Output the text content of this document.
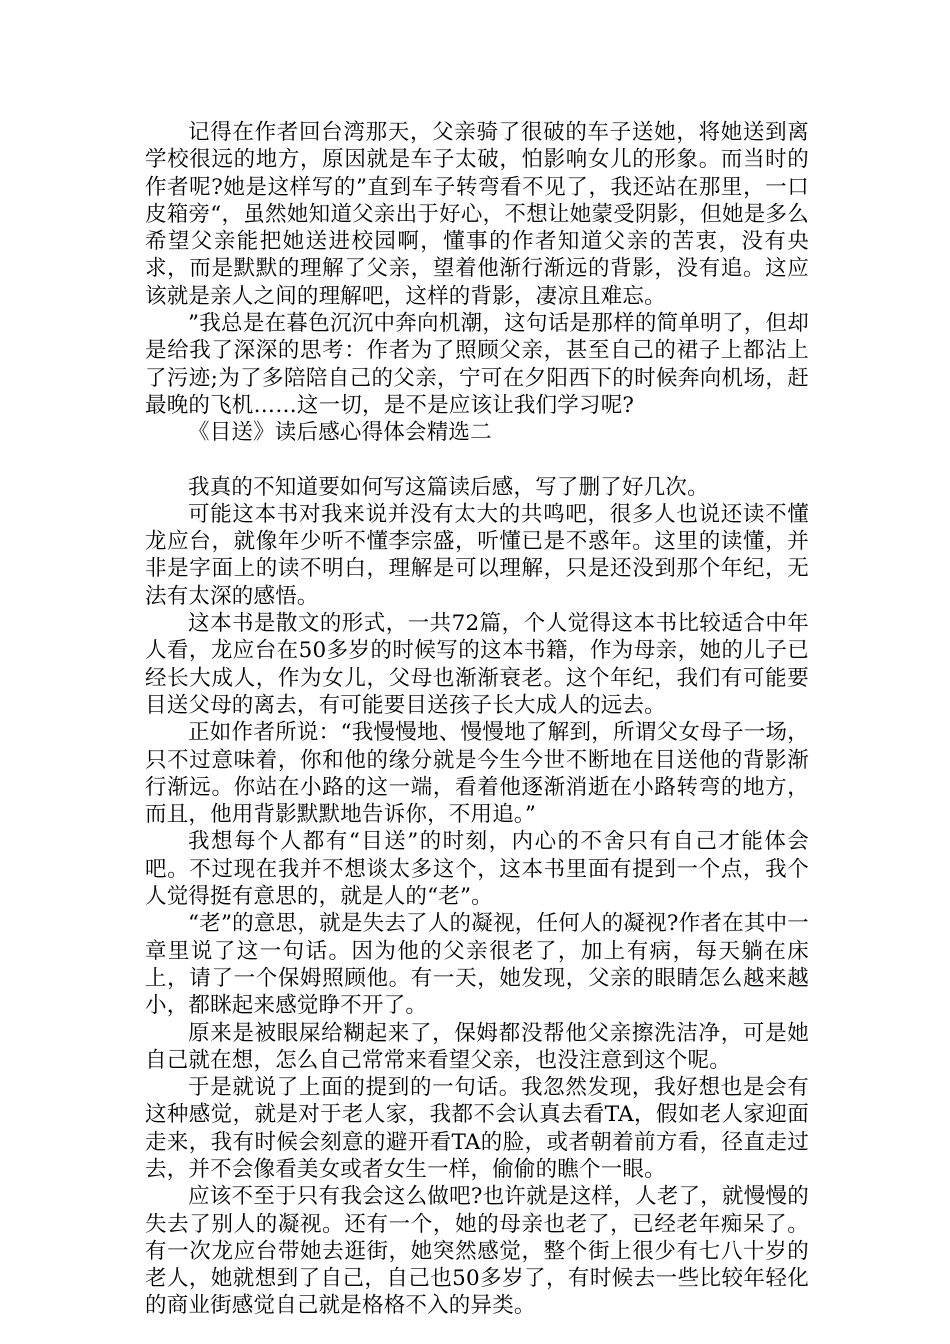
记得在作者回台湾那天，父亲骑了很破的车子送她，将她送到离学校很远的地方，原因就是车子太破，怕影响女儿的形象。而当时的作者呢?她是这样写的”直到车子转弯看不见了，我还站在那里，一口皮箱旁“，虽然她知道父亲出于好心，不想让她蒙受阴影，但她是多么希望父亲能把她送进校园啊，懂事的作者知道父亲的苦衷，没有央求，而是默默的理解了父亲，望着他渐行渐远的背影，没有追。这应该就是亲人之间的理解吧，这样的背影，凄凉且难忘。

”我总是在暮色沉沉中奔向机潮，这句话是那样的简单明了，但却是给我了深深的思考：作者为了照顾父亲，甚至自己的裙子上都沾上了污迹;为了多陪陪自己的父亲，宁可在夕阳西下的时候奔向机场，赶最晚的飞机……这一切，是不是应该让我们学习呢?

《目送》读后感心得体会精选二

我真的不知道要如何写这篇读后感，写了删了好几次。

可能这本书对我来说并没有太大的共鸣吧，很多人也说还读不懂龙应台，就像年少听不懂李宗盛，听懂已是不惑年。这里的读懂，并非是字面上的读不明白，理解是可以理解，只是还没到那个年纪，无法有太深的感悟。

这本书是散文的形式，一共72篇，个人觉得这本书比较适合中年人看，龙应台在50多岁的时候写的这本书籍，作为母亲，她的儿子已经长大成人，作为女儿，父母也渐渐衰老。这个年纪，我们有可能要目送父母的离去，有可能要目送孩子长大成人的远去。

正如作者所说：“我慢慢地、慢慢地了解到，所谓父女母子一场，只不过意味着，你和他的缘分就是今生今世不断地在目送他的背影渐行渐远。你站在小路的这一端，看着他逐渐消逝在小路转弯的地方，而且，他用背影默默地告诉你，不用追。”

我想每个人都有“目送”的时刻，内心的不舍只有自己才能体会吧。不过现在我并不想谈太多这个，这本书里面有提到一个点，我个人觉得挺有意思的，就是人的“老”。

“老”的意思，就是失去了人的凝视，任何人的凝视?作者在其中一章里说了这一句话。因为他的父亲很老了，加上有病，每天躺在床上，请了一个保姆照顾他。有一天，她发现，父亲的眼睛怎么越来越小，都眯起来感觉睁不开了。

原来是被眼屎给糊起来了，保姆都没帮他父亲擦洗洁净，可是她自己就在想，怎么自己常常来看望父亲，也没注意到这个呢。

于是就说了上面的提到的一句话。我忽然发现，我好想也是会有这种感觉，就是对于老人家，我都不会认真去看TA，假如老人家迎面走来，我有时候会刻意的避开看TA的脸，或者朝着前方看，径直走过去，并不会像看美女或者女生一样，偷偷的瞧个一眼。

应该不至于只有我会这么做吧?也许就是这样，人老了，就慢慢的失去了别人的凝视。还有一个，她的母亲也老了，已经老年痴呆了。有一次龙应台带她去逛街，她突然感觉，整个街上很少有七八十岁的老人，她就想到了自己，自己也50多岁了，有时候去一些比较年轻化的商业街感觉自己就是格格不入的异类。
